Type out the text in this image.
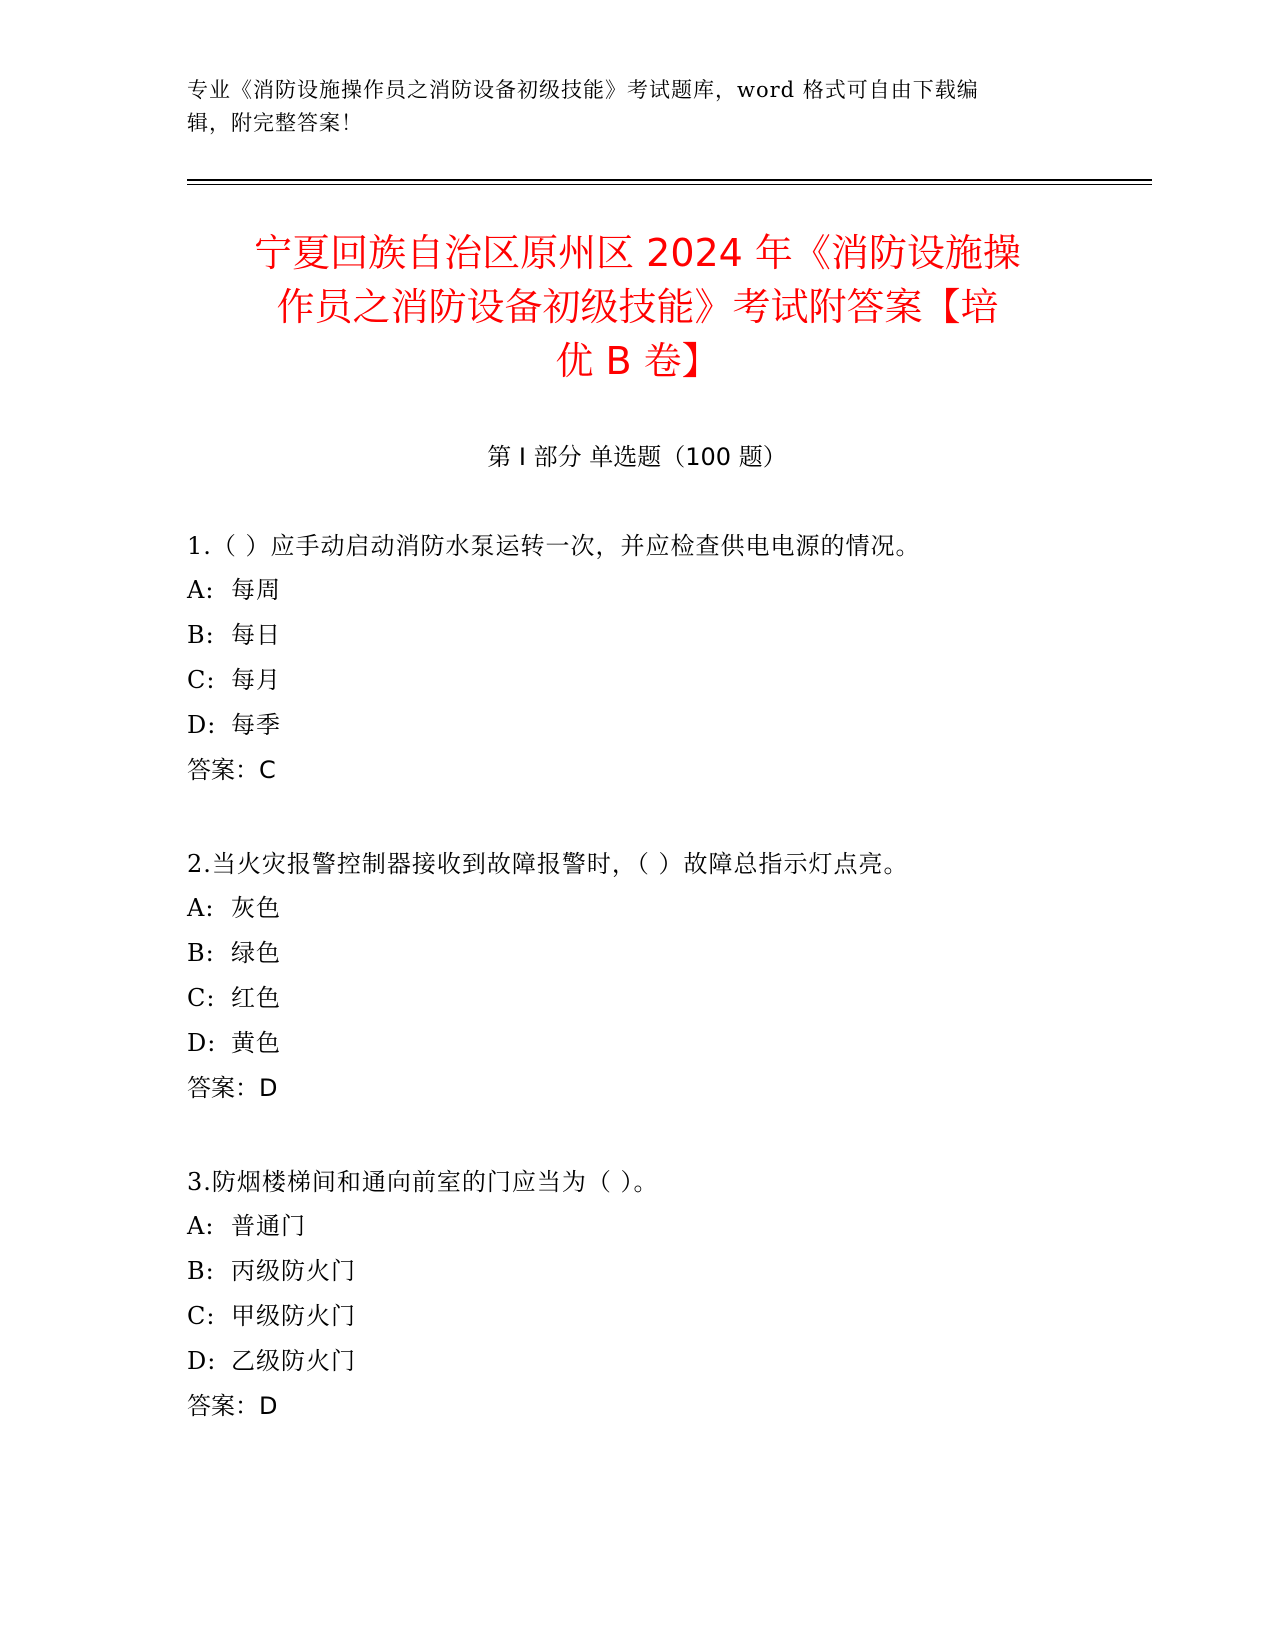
专业《消防设施操作员之消防设备初级技能》考试题库，word 格式可自由下载编
辑，附完整答案！
宁夏回族自治区原州区 2024 年《消防设施操
作员之消防设备初级技能》考试附答案【培
优 B 卷】
第 I 部分 单选题（100 题）
1.（ ）应手动启动消防水泵运转一次，并应检查供电电源的情况。
A: 每周
B: 每日
C: 每月
D: 每季
答案：C
2.当火灾报警控制器接收到故障报警时，（ ）故障总指示灯点亮。
A: 灰色
B: 绿色
C: 红色
D: 黄色
答案：D
3.防烟楼梯间和通向前室的门应当为（ ）。
A: 普通门
B: 丙级防火门
C: 甲级防火门
D: 乙级防火门
答案：D
